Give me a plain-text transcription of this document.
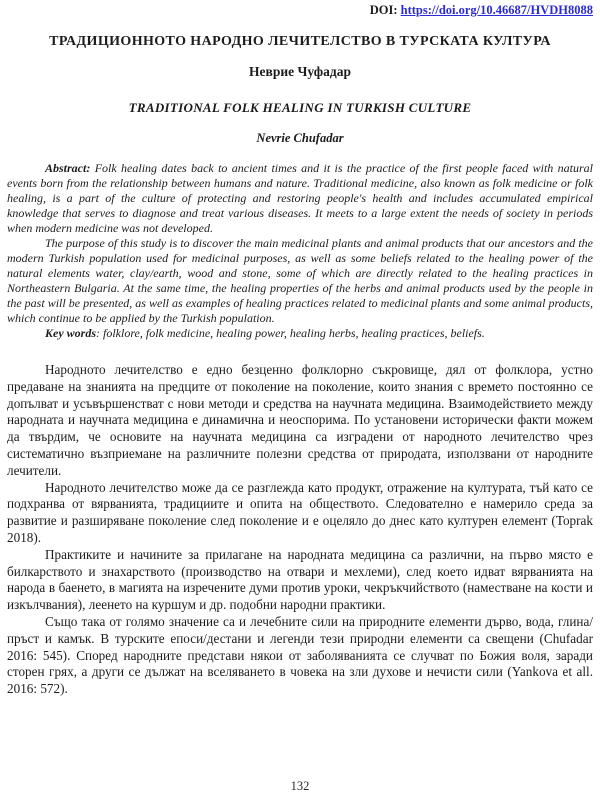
DOI: https://doi.org/10.46687/HVDH8088
ТРАДИЦИОННОТО НАРОДНО ЛЕЧИТЕЛСТВО В ТУРСКАТА КУЛТУРА
Неврие Чуфадар
TRADITIONAL FOLK HEALING IN TURKISH CULTURE
Nevrie Chufadar

Abstract: Folk healing dates back to ancient times and it is the practice of the first people faced with natural events born from the relationship between humans and nature. Traditional medicine, also known as folk medicine or folk healing, is a part of the culture of protecting and restoring people's health and includes accumulated empirical knowledge that serves to diagnose and treat various diseases. It meets to a large extent the needs of society in periods when modern medicine was not developed.

The purpose of this study is to discover the main medicinal plants and animal products that our ancestors and the modern Turkish population used for medicinal purposes, as well as some beliefs related to the healing power of the natural elements water, clay/earth, wood and stone, some of which are directly related to the healing practices in Northeastern Bulgaria. At the same time, the healing properties of the herbs and animal products used by the people in the past will be presented, as well as examples of healing practices related to medicinal plants and some animal products, which continue to be applied by the Turkish population.

Key words: folklore, folk medicine, healing power, healing herbs, healing practices, beliefs.

Народното лечителство е едно безценно фолклорно съкровище, дял от фолклора, устно предаване на знанията на предците от поколение на поколение, които знания с времето постоянно се допълват и усъвършенстват с нови методи и средства на научната медицина. Взаимодействието между народната и научната медицина е динамична и неоспорима. По установени исторически факти можем да твърдим, че основите на научната медицина са изградени от народното лечителство чрез систематично възприемане на различните полезни средства от природата, използвани от народните лечители.

Народното лечителство може да се разглежда като продукт, отражение на културата, тъй като се подхранва от вярванията, традициите и опита на обществото. Следователно е намерило среда за развитие и разширяване поколение след поколение и е оцеляло до днес като културен елемент (Toprak 2018).

Практиките и начините за прилагане на народната медицина са различни, на първо място е билкарството и знахарството (производство на отвари и мехлеми), след което идват вярванията на народа в баенето, в магията на изречените думи против уроки, чекръкчийството (наместване на кости и изкълчвания), леенето на куршум и др. подобни народни практики.

Също така от голямо значение са и лечебните сили на природните елементи дърво, вода, глина/пръст и камък. В турските епоси/дестани и легенди тези природни елементи са свещени (Chufadar 2016: 545). Според народните представи някои от заболяванията се случват по Божия воля, заради сторен грях, а други се дължат на вселяването в човека на зли духове и нечисти сили (Yankova et all. 2016: 572).

132
